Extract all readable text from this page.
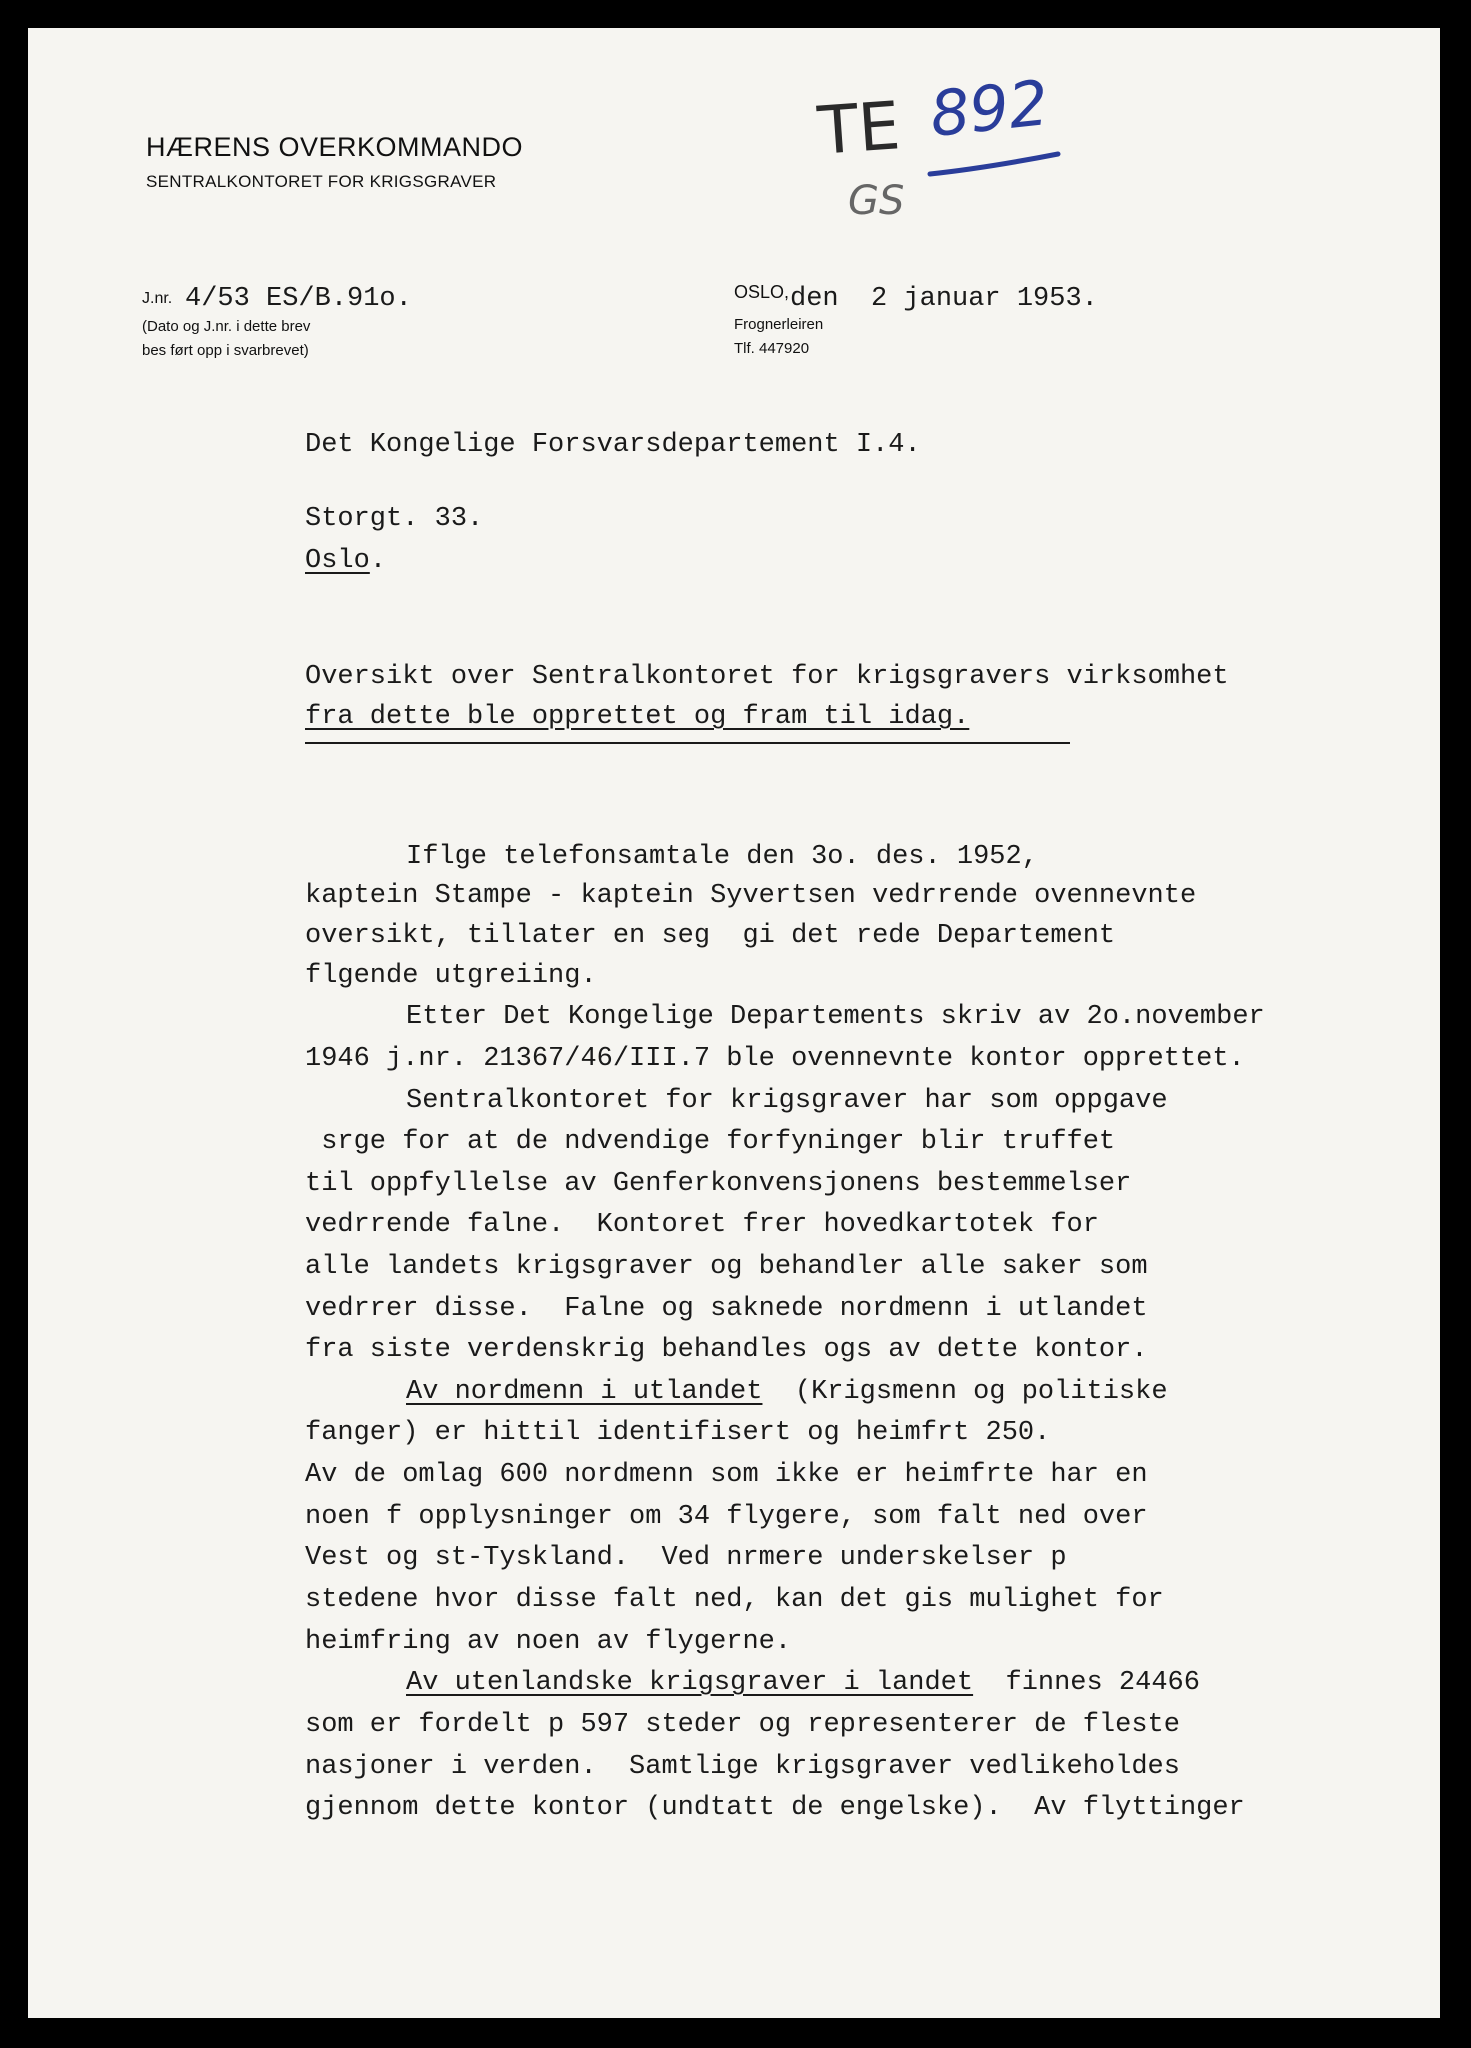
HÆRENS OVERKOMMANDO
SENTRALKONTORET FOR KRIGSGRAVER
J.nr. 4/53 ES/B.91o.
(Dato og J.nr. i dette brev
bes ført opp i svarbrevet)
OSLO, den  2 januar 1953.
Frognerleiren
Tlf. 447920
TE 892
GS
Det Kongelige Forsvarsdepartement I.4.
Storgt. 33.
Oslo.
Oversikt over Sentralkontoret for krigsgravers virksomhet
fra dette ble opprettet og fram til idag.
Iflge telefonsamtale den 3o. des. 1952,
kaptein Stampe - kaptein Syvertsen vedrrende ovennevnte
oversikt, tillater en seg  gi det rede Departement
flgende utgreiing.
Etter Det Kongelige Departements skriv av 2o.november
1946 j.nr. 21367/46/III.7 ble ovennevnte kontor opprettet.
Sentralkontoret for krigsgraver har som oppgave
srge for at de ndvendige forfyninger blir truffet
til oppfyllelse av Genferkonvensjonens bestemmelser
vedrrende falne.  Kontoret frer hovedkartotek for
alle landets krigsgraver og behandler alle saker som
vedrrer disse.  Falne og saknede nordmenn i utlandet
fra siste verdenskrig behandles ogs av dette kontor.
Av nordmenn i utlandet  (Krigsmenn og politiske
fanger) er hittil identifisert og heimfrt 250.
Av de omlag 600 nordmenn som ikke er heimfrte har en
noen f opplysninger om 34 flygere, som falt ned over
Vest og st-Tyskland.  Ved nrmere underskelser p
stedene hvor disse falt ned, kan det gis mulighet for
heimfring av noen av flygerne.
Av utenlandske krigsgraver i landet  finnes 24466
som er fordelt p 597 steder og representerer de fleste
nasjoner i verden.  Samtlige krigsgraver vedlikeholdes
gjennom dette kontor (undtatt de engelske).  Av flyttinger
